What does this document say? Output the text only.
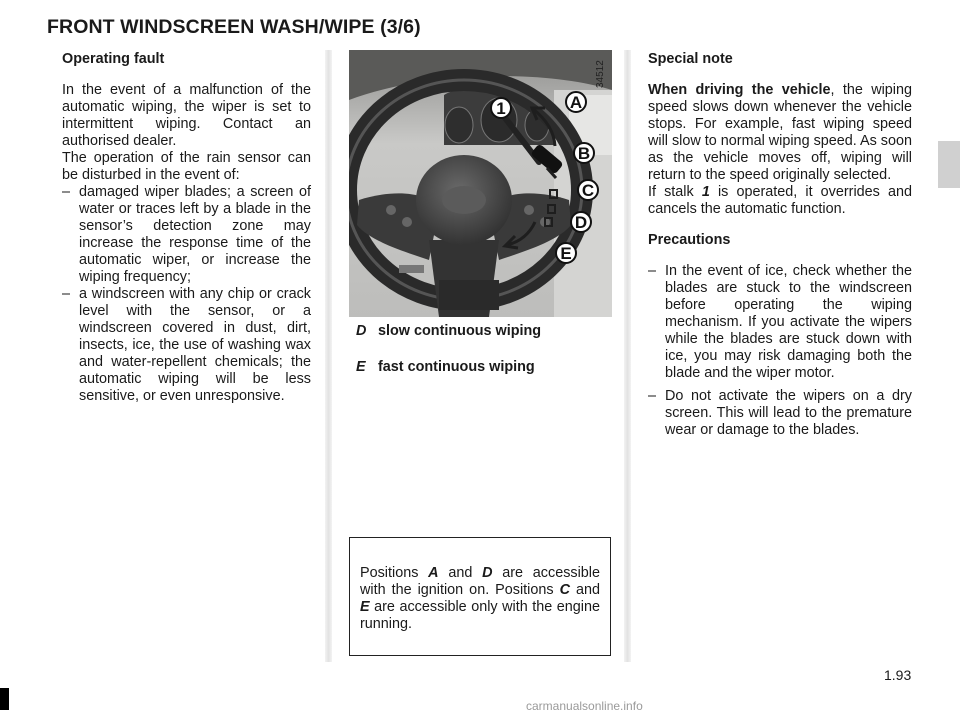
FRONT WINDSCREEN WASH/WIPE (3/6)
Operating fault

In the event of a malfunction of the automatic wiping, the wiper is set to intermittent wiping. Contact an authorised dealer.

The operation of the rain sensor can be disturbed in the event of:

– damaged wiper blades; a screen of water or traces left by a blade in the sensor’s detection zone may increase the response time of the automatic wiper, or increase the wiping frequency;
– a windscreen with any chip or crack level with the sensor, or a windscreen covered in dust, dirt, insects, ice, the use of washing wax and water-repellent chemicals; the automatic wiping will be less sensitive, or even unresponsive.
1	A
B
C
D
E
34512
D slow continuous wiping
E fast continuous wiping

Positions A and D are accessible with the ignition on. Positions C and E are accessible only with the engine running.

Special note

When driving the vehicle, the wiping speed slows down whenever the vehicle stops. For example, fast wiping speed will slow to normal wiping speed. As soon as the vehicle moves off, wiping will return to the speed originally selected.

If stalk 1 is operated, it overrides and cancels the automatic function.

Precautions
– In the event of ice, check whether the blades are stuck to the windscreen before operating the wiping mechanism. If you activate the wipers while the blades are stuck down with ice, you may risk damaging both the blade and the wiper motor.
– Do not activate the wipers on a dry screen. This will lead to the premature wear or damage to the blades.
1.93
carmanualsonline.info
